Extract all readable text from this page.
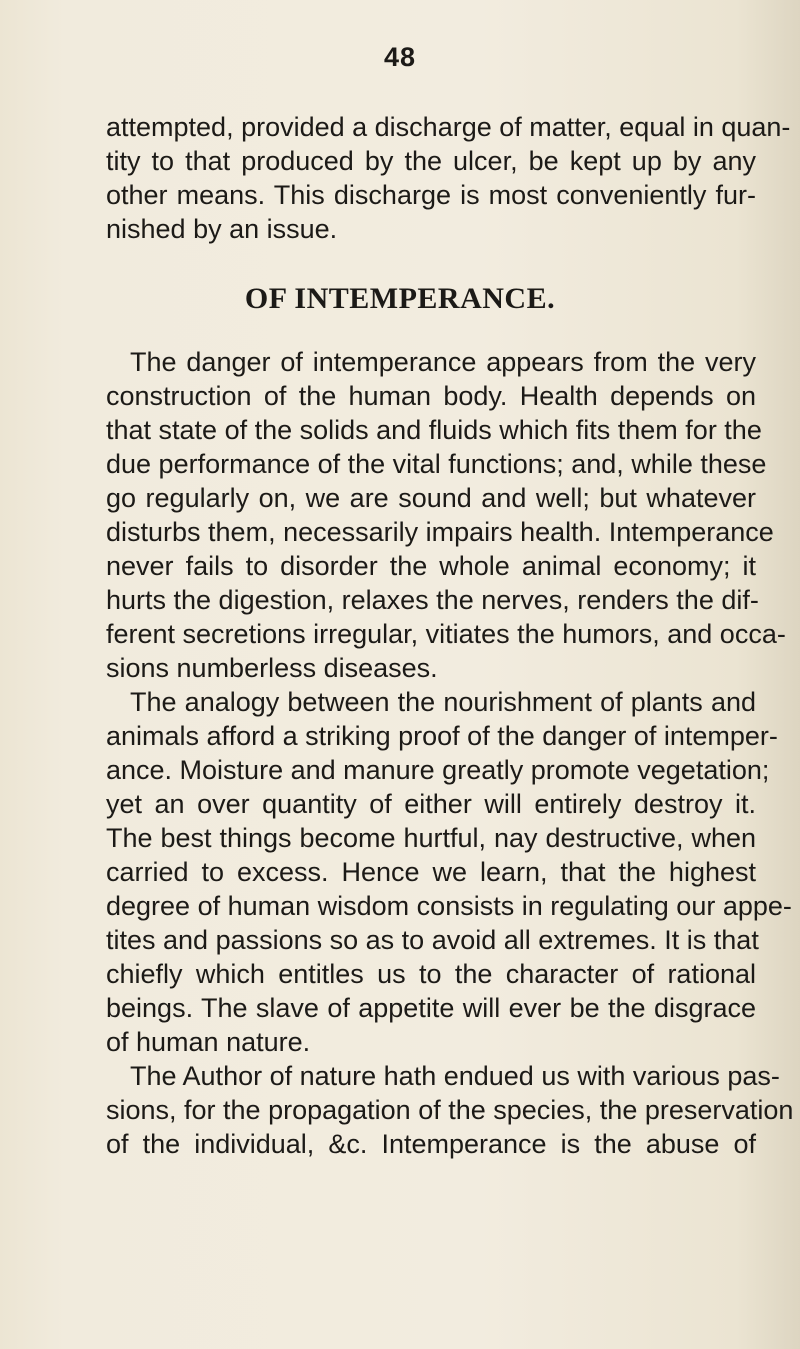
48
attempted, provided a discharge of matter, equal in quan-
tity to that produced by the ulcer, be kept up by any
other means. This discharge is most conveniently fur-
nished by an issue.
OF INTEMPERANCE.
The danger of intemperance appears from the very
construction of the human body. Health depends on
that state of the solids and fluids which fits them for the
due performance of the vital functions; and, while these
go regularly on, we are sound and well; but whatever
disturbs them, necessarily impairs health. Intemperance
never fails to disorder the whole animal economy; it
hurts the digestion, relaxes the nerves, renders the dif-
ferent secretions irregular, vitiates the humors, and occa-
sions numberless diseases.
The analogy between the nourishment of plants and
animals afford a striking proof of the danger of intemper-
ance. Moisture and manure greatly promote vegetation;
yet an over quantity of either will entirely destroy it.
The best things become hurtful, nay destructive, when
carried to excess. Hence we learn, that the highest
degree of human wisdom consists in regulating our appe-
tites and passions so as to avoid all extremes. It is that
chiefly which entitles us to the character of rational
beings. The slave of appetite will ever be the disgrace
of human nature.
The Author of nature hath endued us with various pas-
sions, for the propagation of the species, the preservation
of the individual, &c. Intemperance is the abuse of
